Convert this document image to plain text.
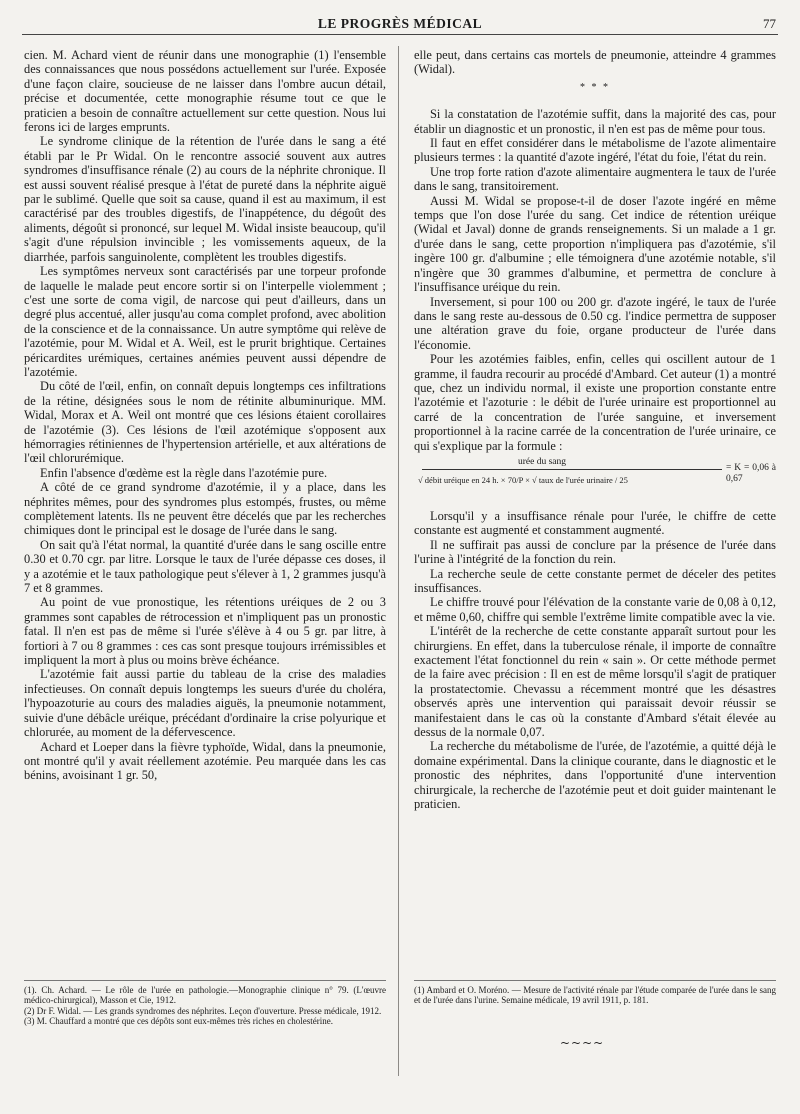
LE PROGRÈS MÉDICAL	77

cien. M. Achard vient de réunir dans une monographie (1) l'ensemble des connaissances que nous possédons actuellement sur l'urée. Exposée d'une façon claire, soucieuse de ne laisser dans l'ombre aucun détail, précise et documentée, cette monographie résume tout ce que le praticien a besoin de connaître actuellement sur cette question. Nous lui ferons ici de larges emprunts.

Le syndrome clinique de la rétention de l'urée dans le sang a été établi par le Pr Widal. On le rencontre associé souvent aux autres syndromes d'insuffisance rénale (2) au cours de la néphrite chronique. Il est aussi souvent réalisé presque à l'état de pureté dans la néphrite aiguë par le sublimé. Quelle que soit sa cause, quand il est au maximum, il est caractérisé par des troubles digestifs, de l'inappétence, du dégoût des aliments, dégoût si prononcé, sur lequel M. Widal insiste beaucoup, qu'il s'agit d'une répulsion invincible ; les vomissements aqueux, de la diarrhée, parfois sanguinolente, complètent les troubles digestifs.

Les symptômes nerveux sont caractérisés par une torpeur profonde de laquelle le malade peut encore sortir si on l'interpelle violemment ; c'est une sorte de coma vigil, de narcose qui peut d'ailleurs, dans un degré plus accentué, aller jusqu'au coma complet profond, avec abolition de la conscience et de la connaissance. Un autre symptôme qui relève de l'azotémie, pour M. Widal et A. Weil, est le prurit brightique. Certaines péricardites urémiques, certaines anémies peuvent aussi dépendre de l'azotémie.

Du côté de l'œil, enfin, on connaît depuis longtemps ces infiltrations de la rétine, désignées sous le nom de rétinite albuminurique. MM. Widal, Morax et A. Weil ont montré que ces lésions étaient corollaires de l'azotémie (3). Ces lésions de l'œil azotémique s'opposent aux hémorragies rétiniennes de l'hypertension artérielle, et aux altérations de l'œil chlorurémique.

Enfin l'absence d'œdème est la règle dans l'azotémie pure.

A côté de ce grand syndrome d'azotémie, il y a place, dans les néphrites mêmes, pour des syndromes plus estompés, frustes, ou même complètement latents. Ils ne peuvent être décelés que par les recherches chimiques dont le principal est le dosage de l'urée dans le sang.

On sait qu'à l'état normal, la quantité d'urée dans le sang oscille entre 0.30 et 0.70 cgr. par litre. Lorsque le taux de l'urée dépasse ces doses, il y a azotémie et le taux pathologique peut s'élever à 1, 2 grammes jusqu'à 7 et 8 grammes.

Au point de vue pronostique, les rétentions uréiques de 2 ou 3 grammes sont capables de rétrocession et n'impliquent pas un pronostic fatal. Il n'en est pas de même si l'urée s'élève à 4 ou 5 gr. par litre, à fortiori à 7 ou 8 grammes : ces cas sont presque toujours irrémissibles et impliquent la mort à plus ou moins brève échéance.

L'azotémie fait aussi partie du tableau de la crise des maladies infectieuses. On connaît depuis longtemps les sueurs d'urée du choléra, l'hypoazoturie au cours des maladies aiguës, la pneumonie notamment, suivie d'une débâcle uréique, précédant d'ordinaire la crise polyurique et chlorurée, au moment de la défervescence.

Achard et Loeper dans la fièvre typhoïde, Widal, dans la pneumonie, ont montré qu'il y avait réellement azotémie. Peu marquée dans les cas bénins, avoisinant 1 gr. 50,

elle peut, dans certains cas mortels de pneumonie, atteindre 4 grammes (Widal).

* * *

Si la constatation de l'azotémie suffit, dans la majorité des cas, pour établir un diagnostic et un pronostic, il n'en est pas de même pour tous.

Il faut en effet considérer dans le métabolisme de l'azote alimentaire plusieurs termes : la quantité d'azote ingéré, l'état du foie, l'état du rein.

Une trop forte ration d'azote alimentaire augmentera le taux de l'urée dans le sang, transitoirement.

Aussi M. Widal se propose-t-il de doser l'azote ingéré en même temps que l'on dose l'urée du sang. Cet indice de rétention uréique (Widal et Javal) donne de grands renseignements. Si un malade a 1 gr. d'urée dans le sang, cette proportion n'impliquera pas d'azotémie, s'il ingère 100 gr. d'albumine ; elle témoignera d'une azotémie notable, s'il n'ingère que 30 grammes d'albumine, et permettra de conclure à l'insuffisance uréique du rein.

Inversement, si pour 100 ou 200 gr. d'azote ingéré, le taux de l'urée dans le sang reste au-dessous de 0.50 cg. l'indice permettra de supposer une altération grave du foie, organe producteur de l'urée dans l'économie.

Pour les azotémies faibles, enfin, celles qui oscillent autour de 1 gramme, il faudra recourir au procédé d'Ambard. Cet auteur (1) a montré que, chez un individu normal, il existe une proportion constante entre l'azotémie et l'azoturie : le débit de l'urée urinaire est proportionnel au carré de la concentration de l'urée sanguine, et inversement proportionnel à la racine carrée de la concentration de l'urée urinaire, ce qui s'explique par la formule :

urée du sang
= K = 0,06 à 0,67
√ débit uréique en 24 h. × 70/P × √ taux de l'urée urinaire / 25

Lorsqu'il y a insuffisance rénale pour l'urée, le chiffre de cette constante est augmenté et constamment augmenté.

Il ne suffirait pas aussi de conclure par la présence de l'urée dans l'urine à l'intégrité de la fonction du rein.

La recherche seule de cette constante permet de déceler des petites insuffisances.

Le chiffre trouvé pour l'élévation de la constante varie de 0,08 à 0,12, et même 0,60, chiffre qui semble l'extrême limite compatible avec la vie.

L'intérêt de la recherche de cette constante apparaît surtout pour les chirurgiens. En effet, dans la tuberculose rénale, il importe de connaître exactement l'état fonctionnel du rein « sain ». Or cette méthode permet de la faire avec précision : Il en est de même lorsqu'il s'agit de pratiquer la prostatectomie. Chevassu a récemment montré que les désastres observés après une intervention qui paraissait devoir réussir se manifestaient dans le cas où la constante d'Ambard s'était élevée au dessus de la normale 0,07.

La recherche du métabolisme de l'urée, de l'azotémie, a quitté déjà le domaine expérimental. Dans la clinique courante, dans le diagnostic et le pronostic des néphrites, dans l'opportunité d'une intervention chirurgicale, la recherche de l'azotémie peut et doit guider maintenant le praticien.

(1). Ch. Achard. — Le rôle de l'urée en pathologie.—Monographie clinique n° 79. (L'œuvre médico-chirurgical), Masson et Cie, 1912.

(2) Dr F. Widal. — Les grands syndromes des néphrites. Leçon d'ouverture. Presse médicale, 1912.

(3) M. Chauffard a montré que ces dépôts sont eux-mêmes très riches en cholestérine.

(1) Ambard et O. Moréno. — Mesure de l'activité rénale par l'étude comparée de l'urée dans le sang et de l'urée dans l'urine. Semaine médicale, 19 avril 1911, p. 181.

~~~~
